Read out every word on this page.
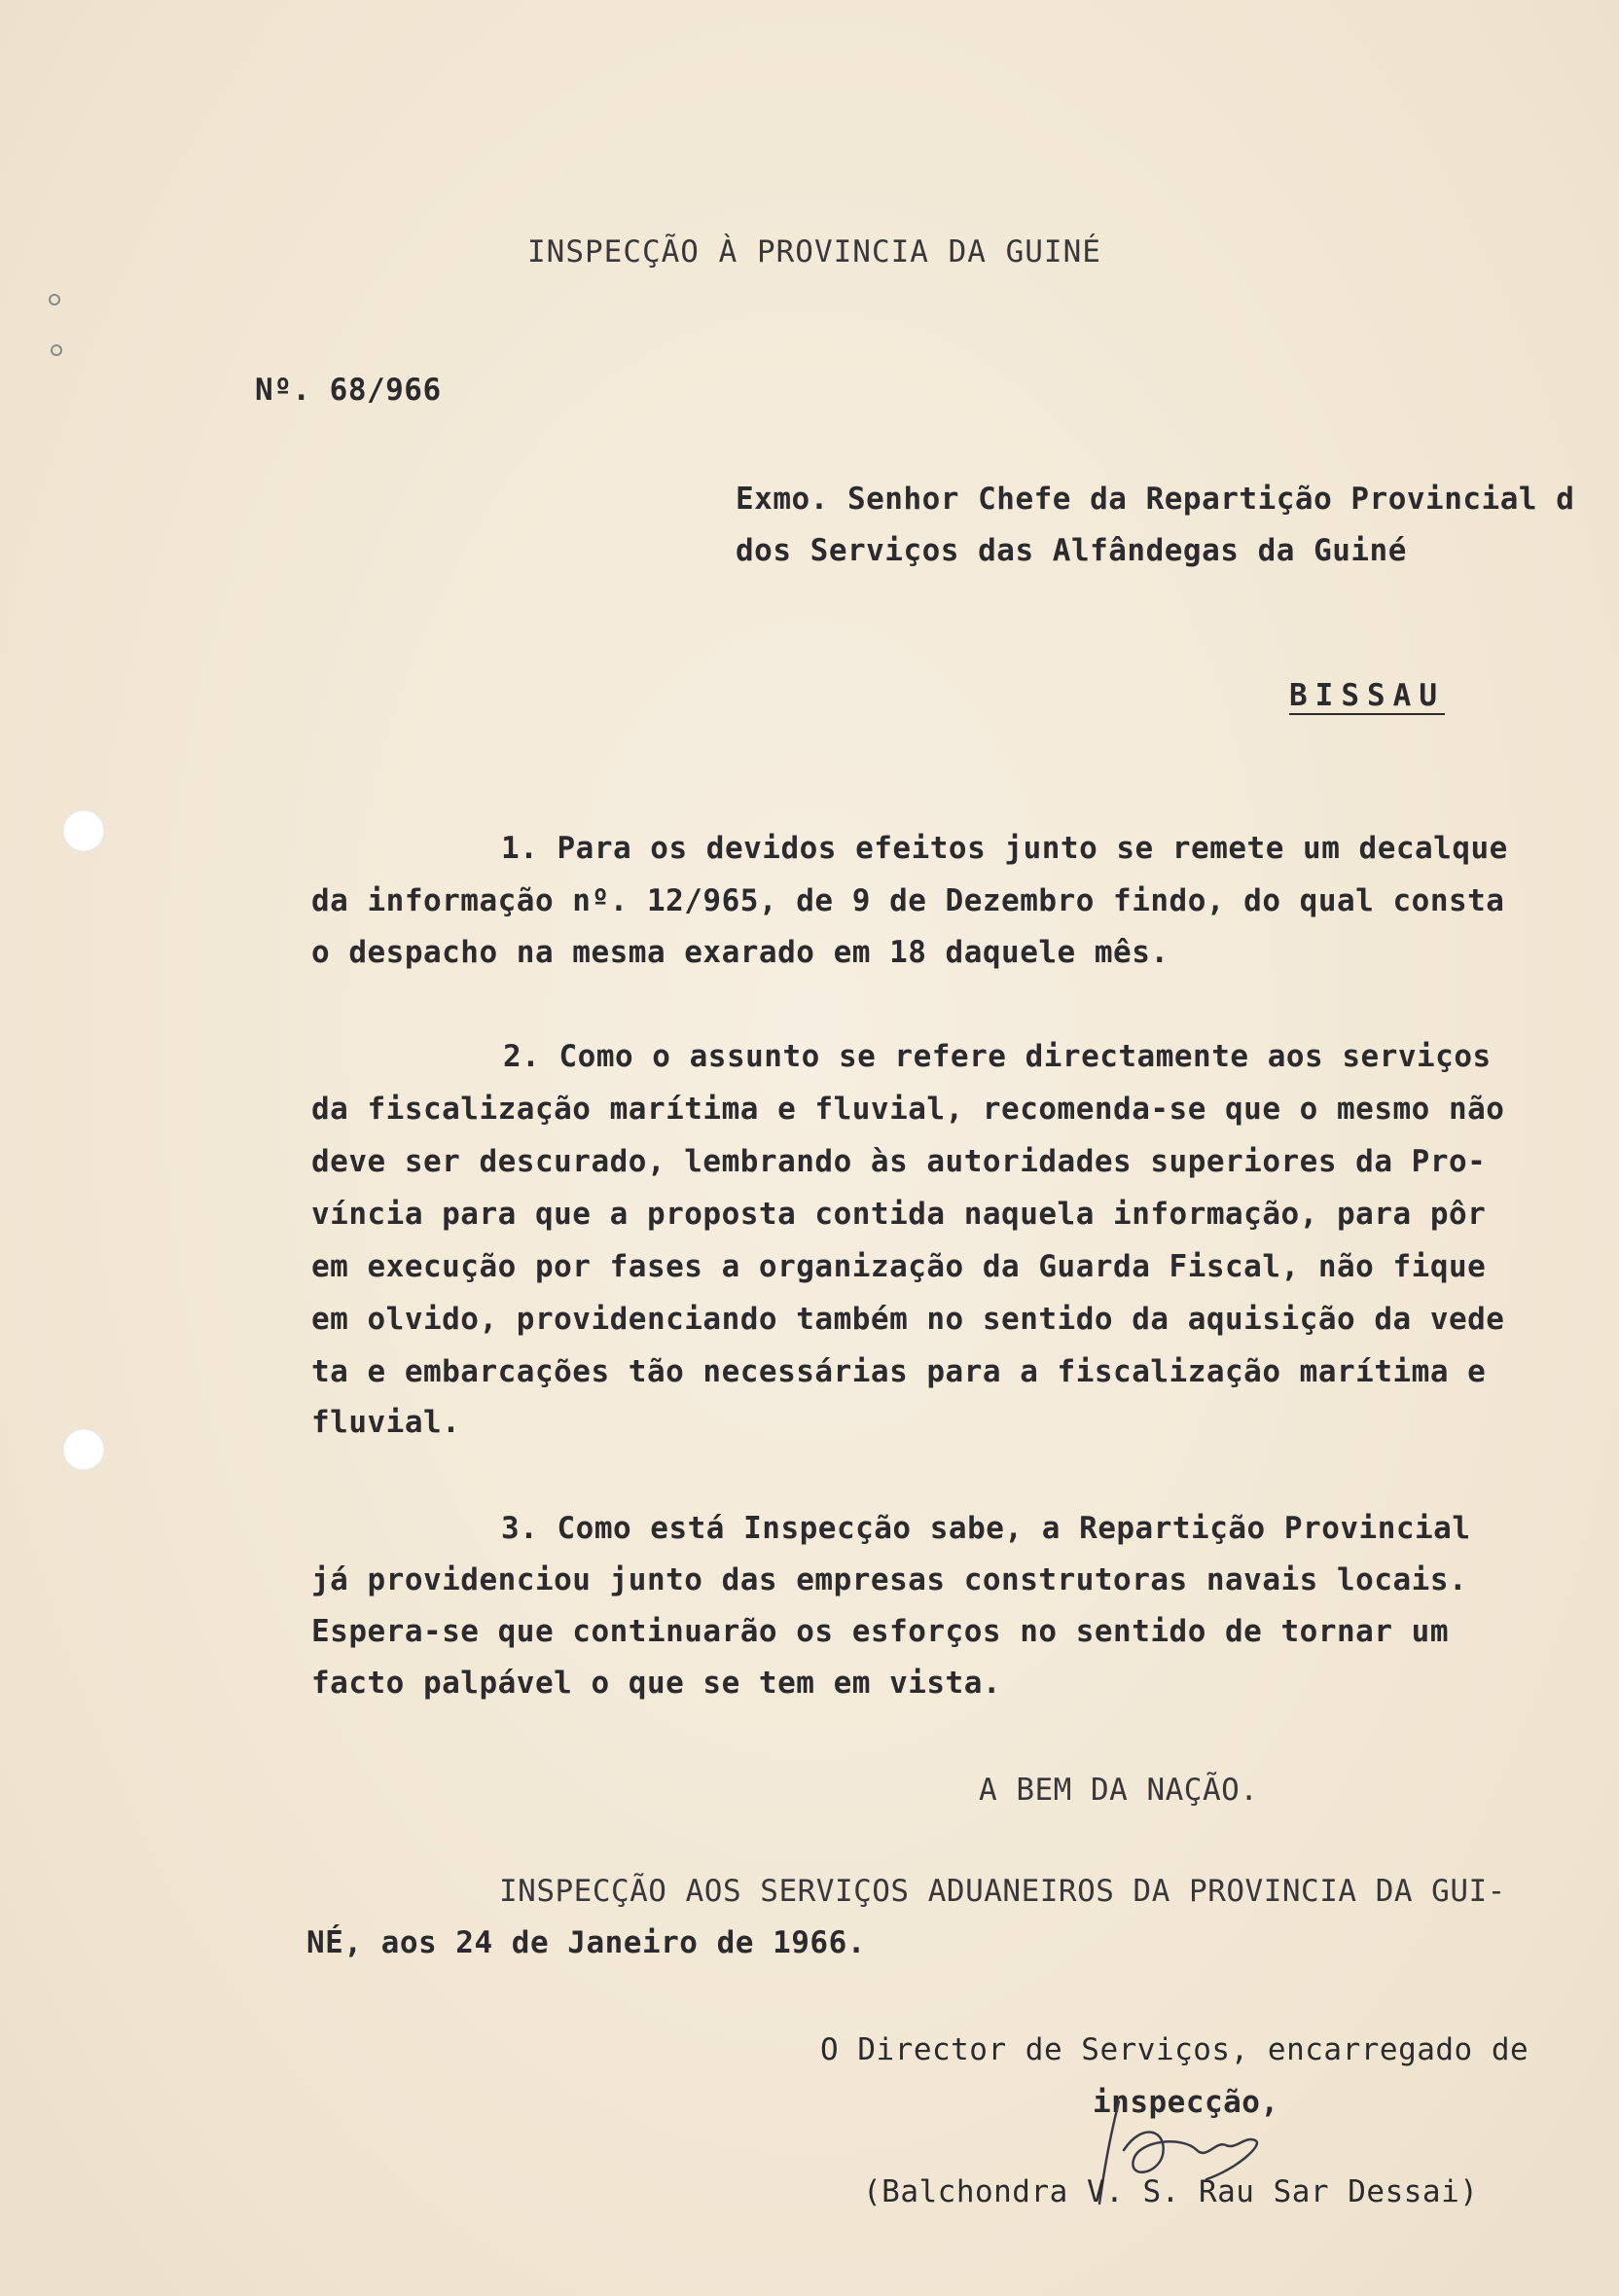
INSPECÇÃO À PROVINCIA DA GUINÉ
Nº. 68/966
Exmo. Senhor Chefe da Repartição Provincial d
dos Serviços das Alfândegas da Guiné
BISSAU
1. Para os devidos efeitos junto se remete um decalque
da informação nº. 12/965, de 9 de Dezembro findo, do qual consta
o despacho na mesma exarado em 18 daquele mês.
2. Como o assunto se refere directamente aos serviços
da fiscalização marítima e fluvial, recomenda-se que o mesmo não
deve ser descurado, lembrando às autoridades superiores da Pro-
víncia para que a proposta contida naquela informação, para pôr
em execução por fases a organização da Guarda Fiscal, não fique
em olvido, providenciando também no sentido da aquisição da vede
ta e embarcações tão necessárias para a fiscalização marítima e
fluvial.
3. Como está Inspecção sabe, a Repartição Provincial
já providenciou junto das empresas construtoras navais locais.
Espera-se que continuarão os esforços no sentido de tornar um
facto palpável o que se tem em vista.
A BEM DA NAÇÃO.
INSPECÇÃO AOS SERVIÇOS ADUANEIROS DA PROVINCIA DA GUI-
NÉ, aos 24 de Janeiro de 1966.
O Director de Serviços, encarregado de
inspecção,
(Balchondra V. S. Rau Sar Dessai)
